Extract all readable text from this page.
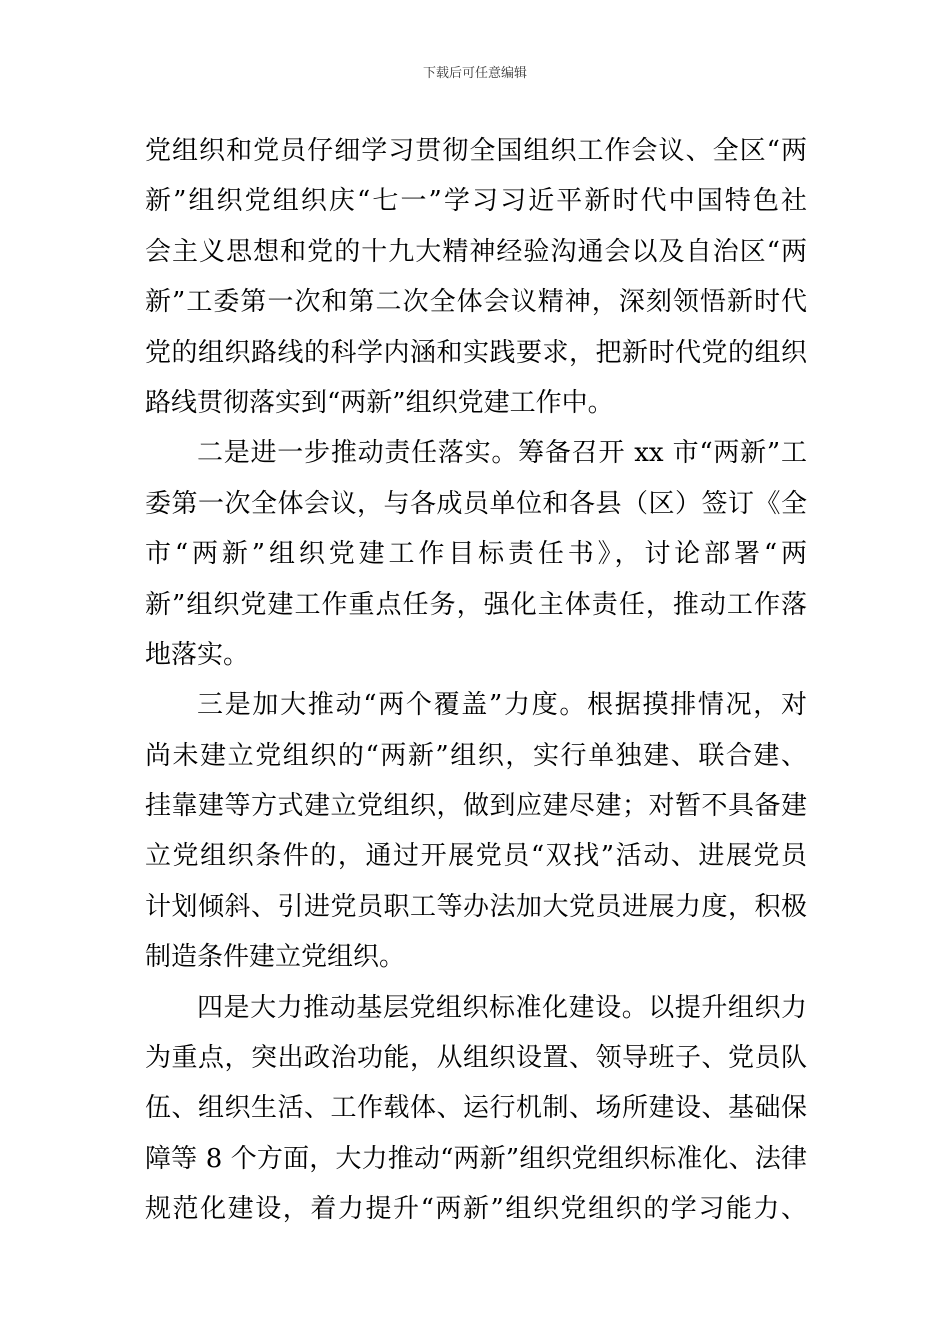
下载后可任意编辑
党组织和党员仔细学习贯彻全国组织工作会议、全区“两
新”组织党组织庆“七一”学习习近平新时代中国特色社
会主义思想和党的十九大精神经验沟通会以及自治区“两
新”工委第一次和第二次全体会议精神，深刻领悟新时代
党的组织路线的科学内涵和实践要求，把新时代党的组织
路线贯彻落实到“两新”组织党建工作中。
二是进一步推动责任落实。筹备召开 xx 市“两新”工
委第一次全体会议，与各成员单位和各县（区）签订《全
市“两新”组织党建工作目标责任书》，讨论部署“两
新”组织党建工作重点任务，强化主体责任，推动工作落
地落实。
三是加大推动“两个覆盖”力度。根据摸排情况，对
尚未建立党组织的“两新”组织，实行单独建、联合建、
挂靠建等方式建立党组织，做到应建尽建；对暂不具备建
立党组织条件的，通过开展党员“双找”活动、进展党员
计划倾斜、引进党员职工等办法加大党员进展力度，积极
制造条件建立党组织。
四是大力推动基层党组织标准化建设。以提升组织力
为重点，突出政治功能，从组织设置、领导班子、党员队
伍、组织生活、工作载体、运行机制、场所建设、基础保
障等 8 个方面，大力推动“两新”组织党组织标准化、法律
规范化建设，着力提升“两新”组织党组织的学习能力、
